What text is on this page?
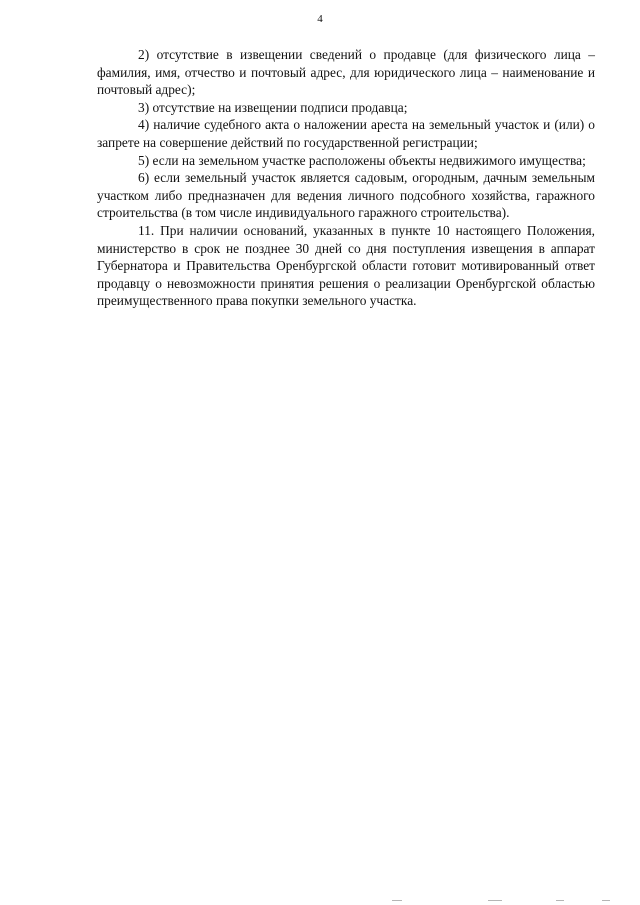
4

2) отсутствие в извещении сведений о продавце (для физического лица – фамилия, имя, отчество и почтовый адрес, для юридического лица – наименование и почтовый адрес);

3) отсутствие на извещении подписи продавца;

4) наличие судебного акта о наложении ареста на земельный участок и (или) о запрете на совершение действий по государственной регистрации;

5) если на земельном участке расположены объекты недвижимого имущества;

6) если земельный участок является садовым, огородным, дачным земельным участком либо предназначен для ведения личного подсобного хозяйства, гаражного строительства (в том числе индивидуального гаражного строительства).

11. При наличии оснований, указанных в пункте 10 настоящего Положения, министерство в срок не позднее 30 дней со дня поступления извещения в аппарат Губернатора и Правительства Оренбургской области готовит мотивированный ответ продавцу о невозможности принятия решения о реализации Оренбургской областью преимущественного права покупки земельного участка.
